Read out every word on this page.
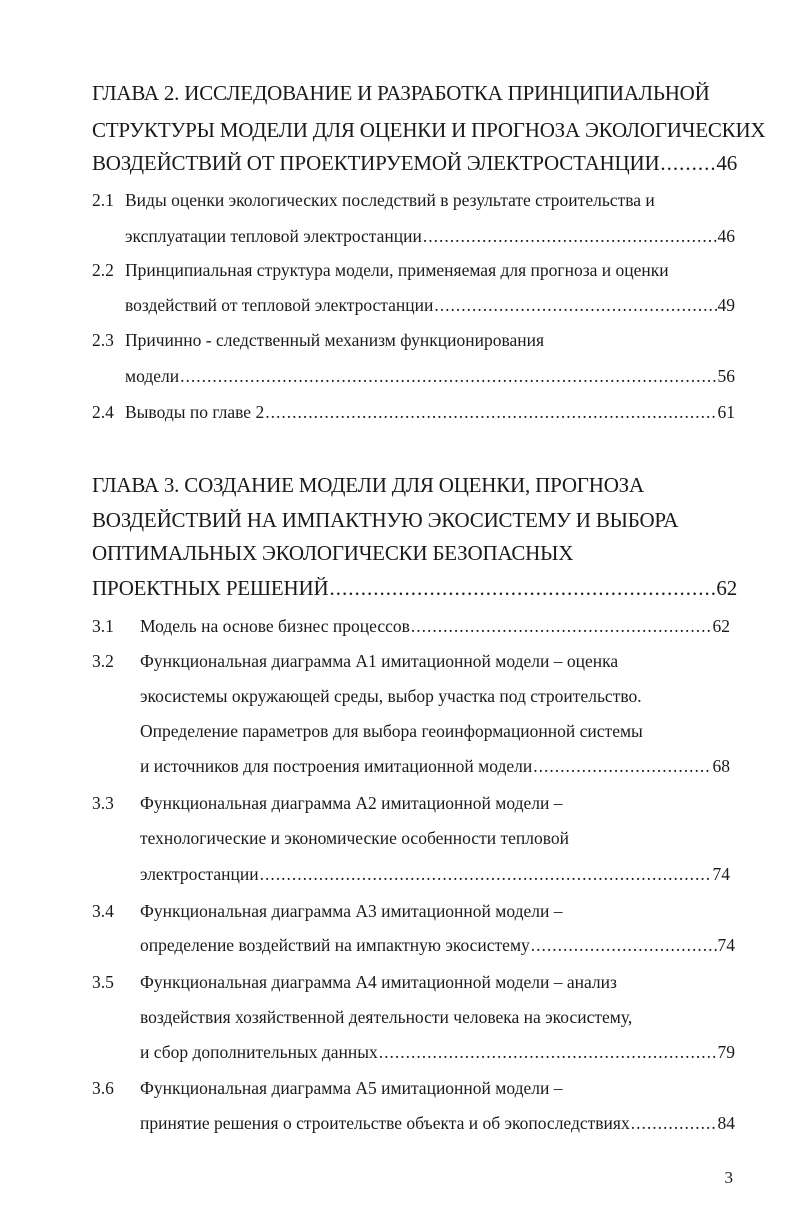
ГЛАВА 2. ИССЛЕДОВАНИЕ И РАЗРАБОТКА ПРИНЦИПИАЛЬНОЙ
СТРУКТУРЫ МОДЕЛИ ДЛЯ ОЦЕНКИ И ПРОГНОЗА ЭКОЛОГИЧЕСКИХ
ВОЗДЕЙСТВИЙ ОТ ПРОЕКТИРУЕМОЙ ЭЛЕКТРОСТАНЦИИ .....	46
2.1 Виды оценки экологических последствий в результате строительства и
эксплуатации тепловой электростанции .....	46
2.2 Принципиальная структура модели, применяемая для прогноза и оценки
воздействий от тепловой электростанции .....	49
2.3 Причинно - следственный механизм функционирования
модели .....	56
2.4 Выводы по главе 2 .....	61
ГЛАВА 3. СОЗДАНИЕ МОДЕЛИ ДЛЯ ОЦЕНКИ, ПРОГНОЗА
ВОЗДЕЙСТВИЙ НА ИМПАКТНУЮ ЭКОСИСТЕМУ И ВЫБОРА
ОПТИМАЛЬНЫХ ЭКОЛОГИЧЕСКИ БЕЗОПАСНЫХ
ПРОЕКТНЫХ РЕШЕНИЙ .....	62
3.1 Модель на основе бизнес процессов .....	62
3.2 Функциональная диаграмма А1 имитационной модели – оценка
экосистемы окружающей среды, выбор участка под строительство.
Определение параметров для выбора геоинформационной системы
и источников для построения имитационной модели .....	68
3.3 Функциональная диаграмма А2 имитационной модели –
технологические и экономические особенности тепловой
электростанции .....	74
3.4 Функциональная диаграмма А3 имитационной модели –
определение воздействий на импактную экосистему .....	74
3.5 Функциональная диаграмма А4 имитационной модели – анализ
воздействия хозяйственной деятельности человека на экосистему,
и сбор дополнительных данных .....	79
3.6 Функциональная диаграмма А5 имитационной модели –
принятие решения о строительстве объекта и об экопоследствиях .....	84
3
